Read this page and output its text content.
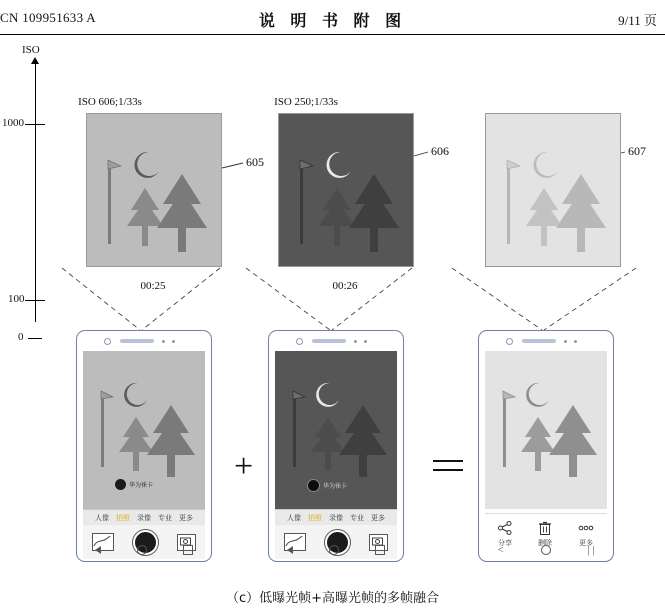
CN 109951633 A	说 明 书 附 图	9/11 页
ISO
1000
100
0
ISO 606;1/33s
00:25
605
ISO 250;1/33s
00:26
606	607
华为徕卡
人像 拍照 录像 专业 更多
+
华为徕卡
人像 拍照 录像 专业 更多
分享	删除	更多
<	| |
（c）低曝光帧+高曝光帧的多帧融合
